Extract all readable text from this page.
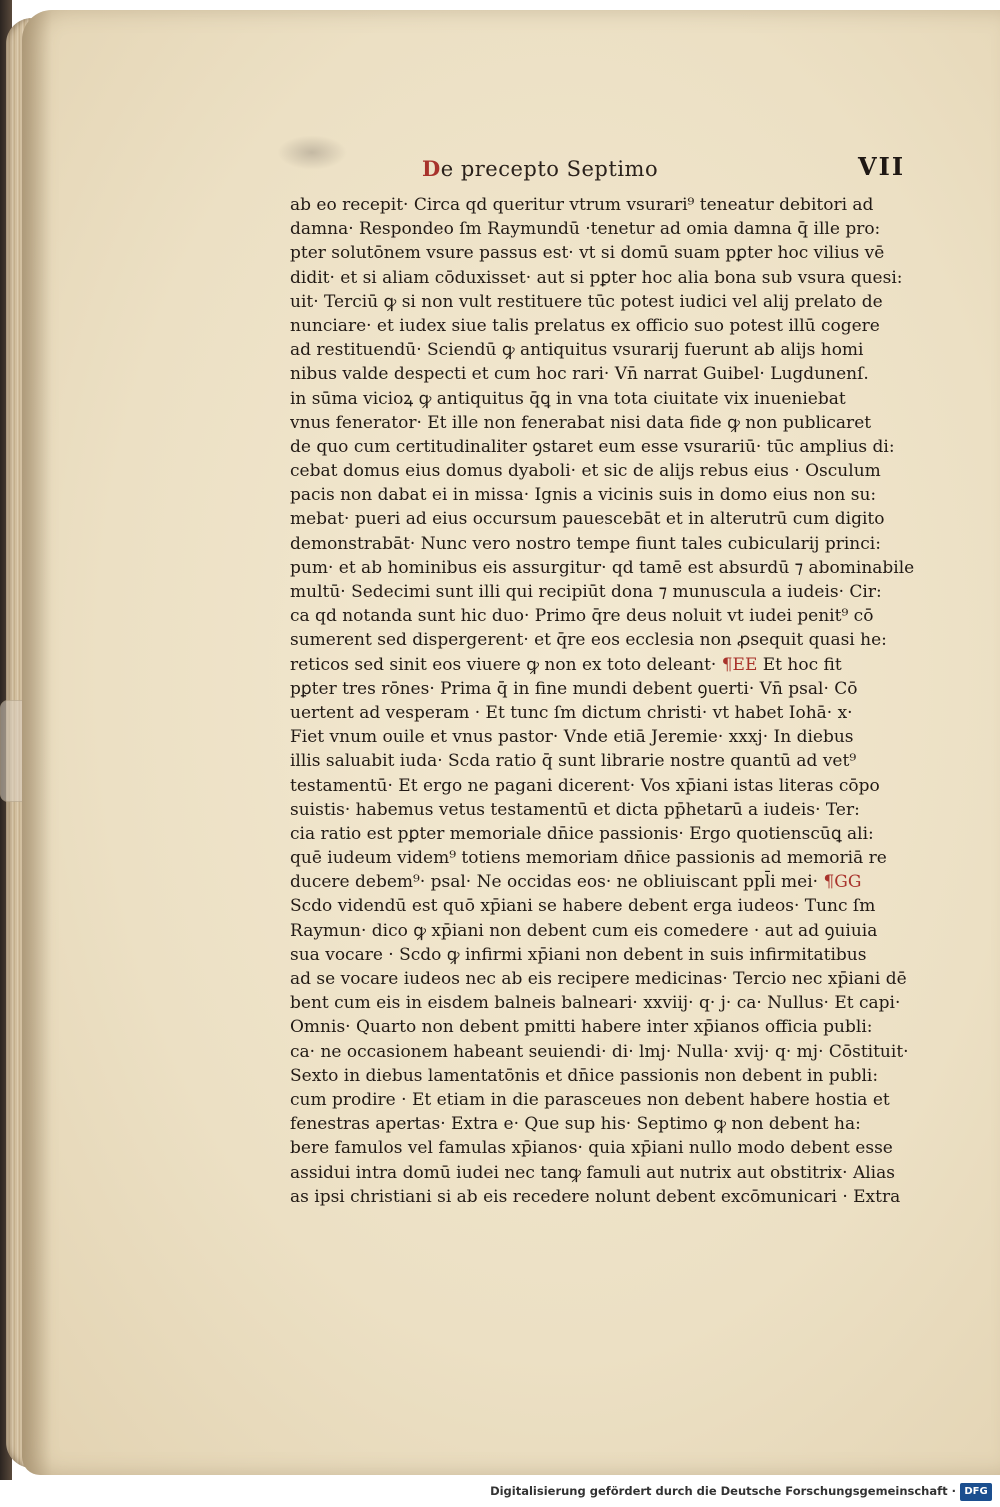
De precepto Septimo	VII
ab eo recepit· Circa qd queritur vtrum vsurari⁹ teneatur debitori ad
damna· Respondeo ſm Raymundū ·tenetur ad omia damna q̄ ille pro:
pter solutōnem vsure passus est· vt si domū suam pꝑter hoc vilius vē
didit· et si aliam cōduxisset· aut si pꝑter hoc alia bona sub vsura quesi:
uit· Terciū ꝙ si non vult restituere tūc potest iudici vel alij prelato de
nunciare· et iudex siue talis prelatus ex officio suo potest illū cogere
ad restituendū· Sciendū ꝙ antiquitus vsurarij fuerunt ab alijs homi
nibus valde despecti et cum hoc rari· Vn̄ narrat Guibel· Lugdunenſ.
in sūma vicioꝝ ꝙ antiquitus q̄ꝗ in vna tota ciuitate vix inueniebat
vnus fenerator· Et ille non fenerabat nisi data fide ꝙ non publicaret
de quo cum certitudinaliter ꝯstaret eum esse vsurariū· tūc amplius di:
cebat domus eius domus dyaboli· et sic de alijs rebus eius · Osculum
pacis non dabat ei in missa· Ignis a vicinis suis in domo eius non su:
mebat· pueri ad eius occursum pauescebāt et in alterutrū cum digito
demonstrabāt· Nunc vero nostro tempe fiunt tales cubicularij princi:
pum· et ab hominibus eis assurgitur· qd tamē est absurdū ⁊ abominabile
multū· Sedecimi sunt illi qui recipiūt dona ⁊ munuscula a iudeis· Cir:
ca qd notanda sunt hic duo· Primo q̄re deus noluit vt iudei penit⁹ cō
sumerent sed dispergerent· et q̄re eos ecclesia non ꝓsequit quasi he:
reticos sed sinit eos viuere ꝙ non ex toto deleant· ¶EE Et hoc fit
pꝑter tres rōnes· Prima q̄ in fine mundi debent ꝯuerti· Vn̄ psal· Cō
uertent ad vesperam · Et tunc ſm dictum christi· vt habet Iohā· x·
Fiet vnum ouile et vnus pastor· Vnde etiā Jeremie· xxxj· In diebus
illis saluabit iuda· Scda ratio q̄ sunt librarie nostre quantū ad vet⁹
testamentū· Et ergo ne pagani dicerent· Vos xp̄iani istas literas cōpo
suistis· habemus vetus testamentū et dicta pp̄hetarū a iudeis· Ter:
cia ratio est pꝑter memoriale dn̄ice passionis· Ergo quotienscūꝗ ali:
quē iudeum videm⁹ totiens memoriam dn̄ice passionis ad memoriā re
ducere debem⁹· psal· Ne occidas eos· ne obliuiscant ppl̄i mei· ¶GG
Scdo videndū est quō xp̄iani se habere debent erga iudeos· Tunc ſm
Raymun· dico ꝙ xp̄iani non debent cum eis comedere · aut ad ꝯuiuia
sua vocare · Scdo ꝙ infirmi xp̄iani non debent in suis infirmitatibus
ad se vocare iudeos nec ab eis recipere medicinas· Tercio nec xp̄iani dē
bent cum eis in eisdem balneis balneari· xxviij· q· j· ca· Nullus· Et capi·
Omnis· Quarto non debent pmitti habere inter xp̄ianos officia publi:
ca· ne occasionem habeant seuiendi· di· lmj· Nulla· xvij· q· mj· Cōstituit·
Sexto in diebus lamentatōnis et dn̄ice passionis non debent in publi:
cum prodire · Et etiam in die parasceues non debent habere hostia et
fenestras apertas· Extra e· Que sup his· Septimo ꝙ non debent ha:
bere famulos vel famulas xp̄ianos· quia xp̄iani nullo modo debent esse
assidui intra domū iudei nec tanꝙ famuli aut nutrix aut obstitrix· Alias
as ipsi christiani si ab eis recedere nolunt debent excōmunicari · Extra
Digitalisierung gefördert durch die Deutsche Forschungsgemeinschaft · DFG
